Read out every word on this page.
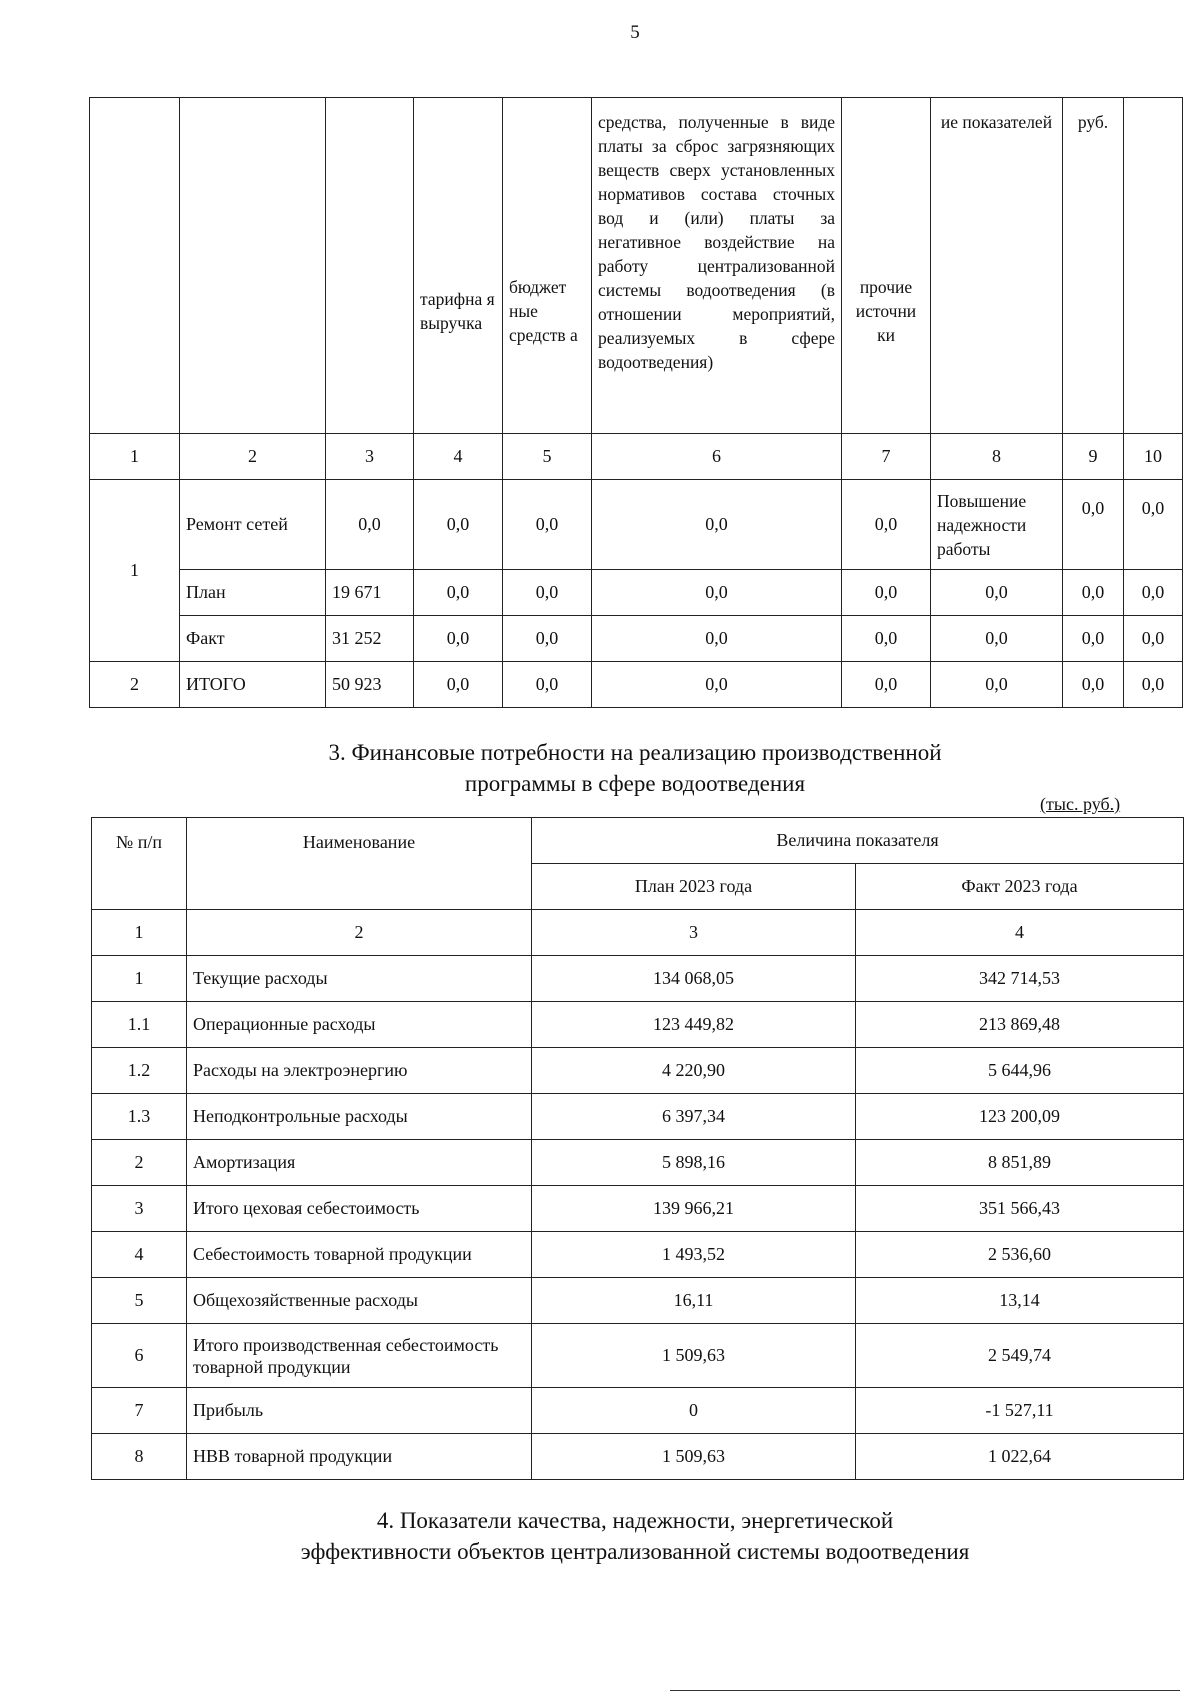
5
			тарифна я выручка	бюджет ные средств а	средства, полученные в виде платы за сброс загрязняющих веществ сверх установленных нормативов состава сточных вод и (или) платы за негативное воздействие на работу централизованной системы водоотведения (в отношении мероприятий, реализуемых в сфере водоотведения)	прочие источни ки	ие показателей	руб.	
1	2	3	4	5	6	7	8	9	10
1	Ремонт сетей	0,0	0,0	0,0	0,0	0,0	Повышение надежности работы	0,0	0,0
	План	19 671	0,0	0,0	0,0	0,0	0,0	0,0	0,0
	Факт	31 252	0,0	0,0	0,0	0,0	0,0	0,0	0,0
2	ИТОГО	50 923	0,0	0,0	0,0	0,0	0,0	0,0	0,0
3. Финансовые потребности на реализацию производственной
программы в сфере водоотведения
(тыс. руб.)
№ п/п	Наименование	Величина показателя	
		План 2023 года	Факт 2023 года
1	2	3	4
1	Текущие расходы	134 068,05	342 714,53
1.1	Операционные расходы	123 449,82	213 869,48
1.2	Расходы на электроэнергию	4 220,90	5 644,96
1.3	Неподконтрольные расходы	6 397,34	123 200,09
2	Амортизация	5 898,16	8 851,89
3	Итого цеховая себестоимость	139 966,21	351 566,43
4	Себестоимость товарной продукции	1 493,52	2 536,60
5	Общехозяйственные расходы	16,11	13,14
6	Итого производственная себестоимость товарной продукции	1 509,63	2 549,74
7	Прибыль	0	-1 527,11
8	НВВ товарной продукции	1 509,63	1 022,64
4. Показатели качества, надежности, энергетической
эффективности объектов централизованной системы водоотведения
